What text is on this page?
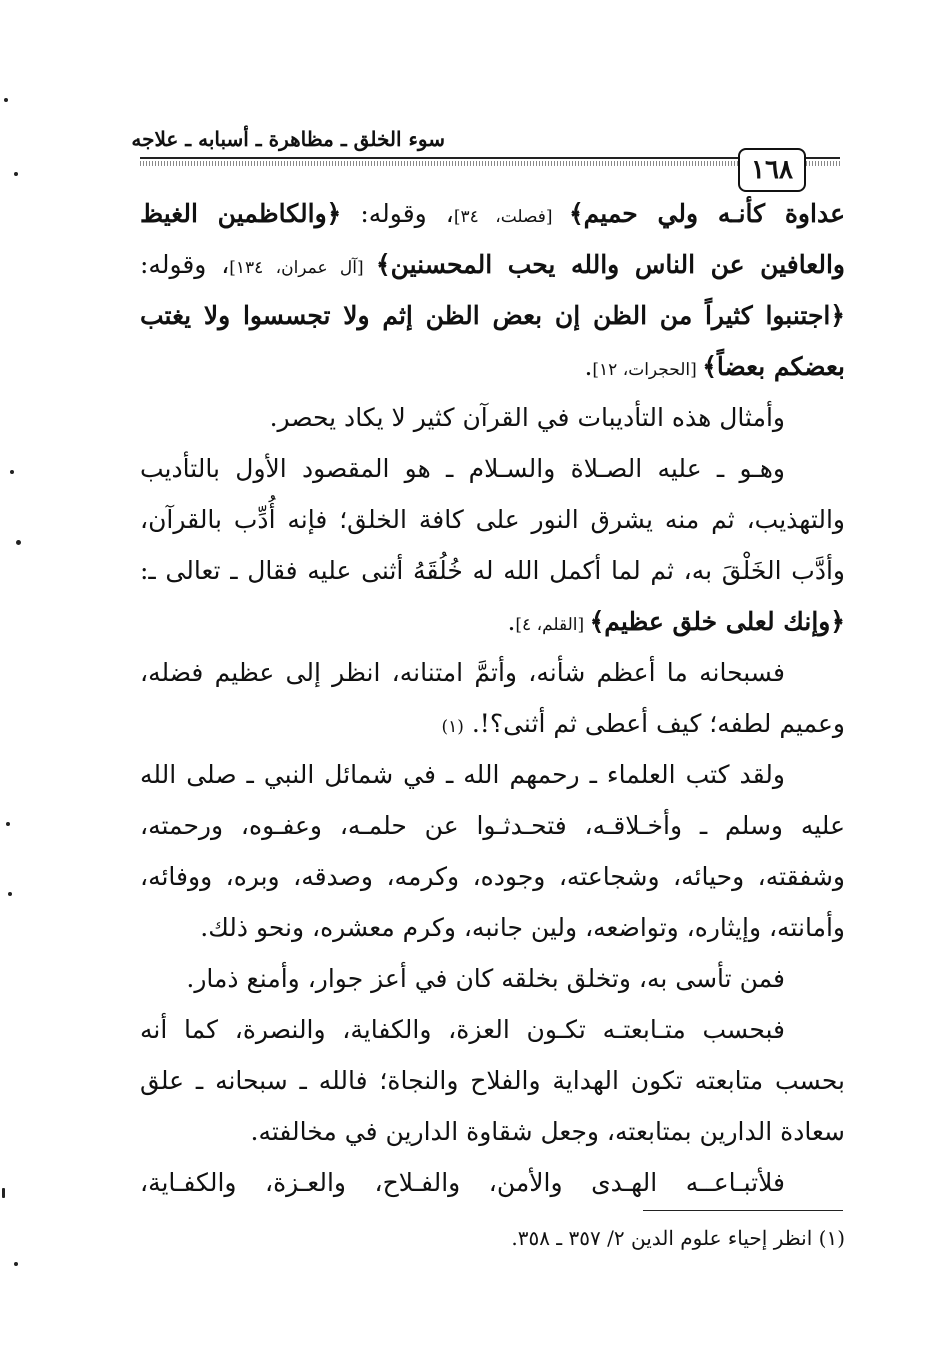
سوء الخلق ـ مظاهرة ـ أسبابه ـ علاجه
١٦٨
عداوة كأنـه ولي حميم﴾ [فصلت، ٣٤]، وقوله: ﴿والكاظمين الغيظ
والعافين عن الناس والله يحب المحسنين﴾ [آل عمران، ١٣٤]، وقوله:
﴿اجتنبوا كثيراً من الظن إن بعض الظن إثم ولا تجسسوا ولا يغتب
بعضكم بعضاً﴾ [الحجرات، ١٢].
وأمثال هذه التأديبات في القرآن كثير لا يكاد يحصر.
وهـو ـ عليه الصـلاة والسـلام ـ هو المقصود الأول بالتأديب
والتهذيب، ثم منه يشرق النور على كافة الخلق؛ فإنه أُدِّب بالقرآن،
وأدَّب الخَلْقَ به، ثم لما أكمل الله له خُلُقَهُ أثنى عليه فقال ـ تعالى ـ:
﴿وإنك لعلى خلق عظيم﴾ [القلم، ٤].
فسبحانه ما أعظم شأنه، وأتمَّ امتنانه، انظر إلى عظيم فضله،
وعميم لطفه؛ كيف أعطى ثم أثنى؟!. (١)
ولقد كتب العلماء ـ رحمهم الله ـ في شمائل النبي ـ صلى الله
عليه وسلم ـ وأخـلاقـه، فتحـدثـوا عن حلمـه، وعفـوه، ورحمته،
وشفقته، وحيائه، وشجاعته، وجوده، وكرمه، وصدقه، وبره، ووفائه،
وأمانته، وإيثاره، وتواضعه، ولين جانبه، وكرم معشره، ونحو ذلك.
فمن تأسى به، وتخلق بخلقه كان في أعز جوار، وأمنع ذمار.
فبحسب متـابعتـه تكـون العزة، والكفاية، والنصرة، كما أنه
بحسب متابعته تكون الهداية والفلاح والنجاة؛ فالله ـ سبحانه ـ علق
سعادة الدارين بمتابعته، وجعل شقاوة الدارين في مخالفته.
فلأتبـاعــه الهـدى والأمن، والفـلاح، والعـزة، والكفـاية،
(١) انظر إحياء علوم الدين ٢/ ٣٥٧ ـ ٣٥٨.
